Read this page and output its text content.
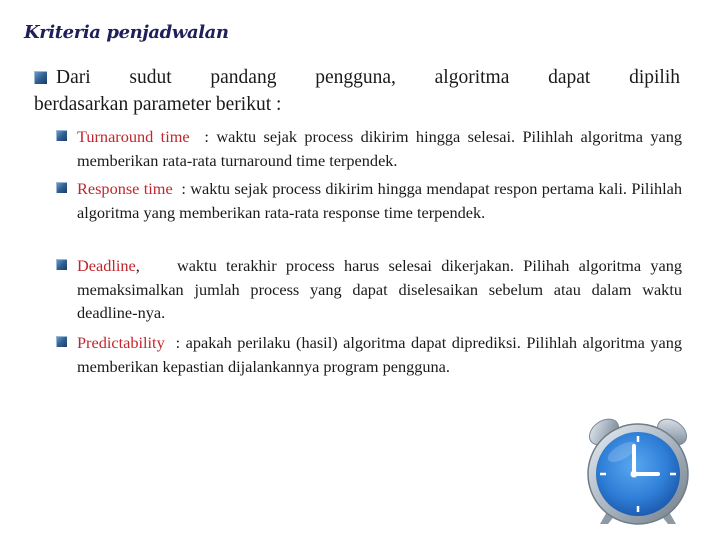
Kriteria penjadwalan
Dari sudut pandang pengguna, algoritma dapat dipilih
berdasarkan parameter berikut :
Turnaround time  : waktu sejak process dikirim hingga selesai. Pilihlah algoritma yang memberikan rata-rata turnaround time terpendek.
Response time  : waktu sejak process dikirim hingga mendapat respon pertama kali. Pilihlah algoritma yang memberikan rata-rata response time terpendek.
Deadline,    waktu terakhir process harus selesai dikerjakan. Pilihah algoritma yang memaksimalkan jumlah process yang dapat diselesaikan sebelum atau dalam waktu deadline-nya.
Predictability  : apakah perilaku (hasil) algoritma dapat diprediksi. Pilihlah algoritma yang memberikan kepastian dijalankannya program pengguna.
